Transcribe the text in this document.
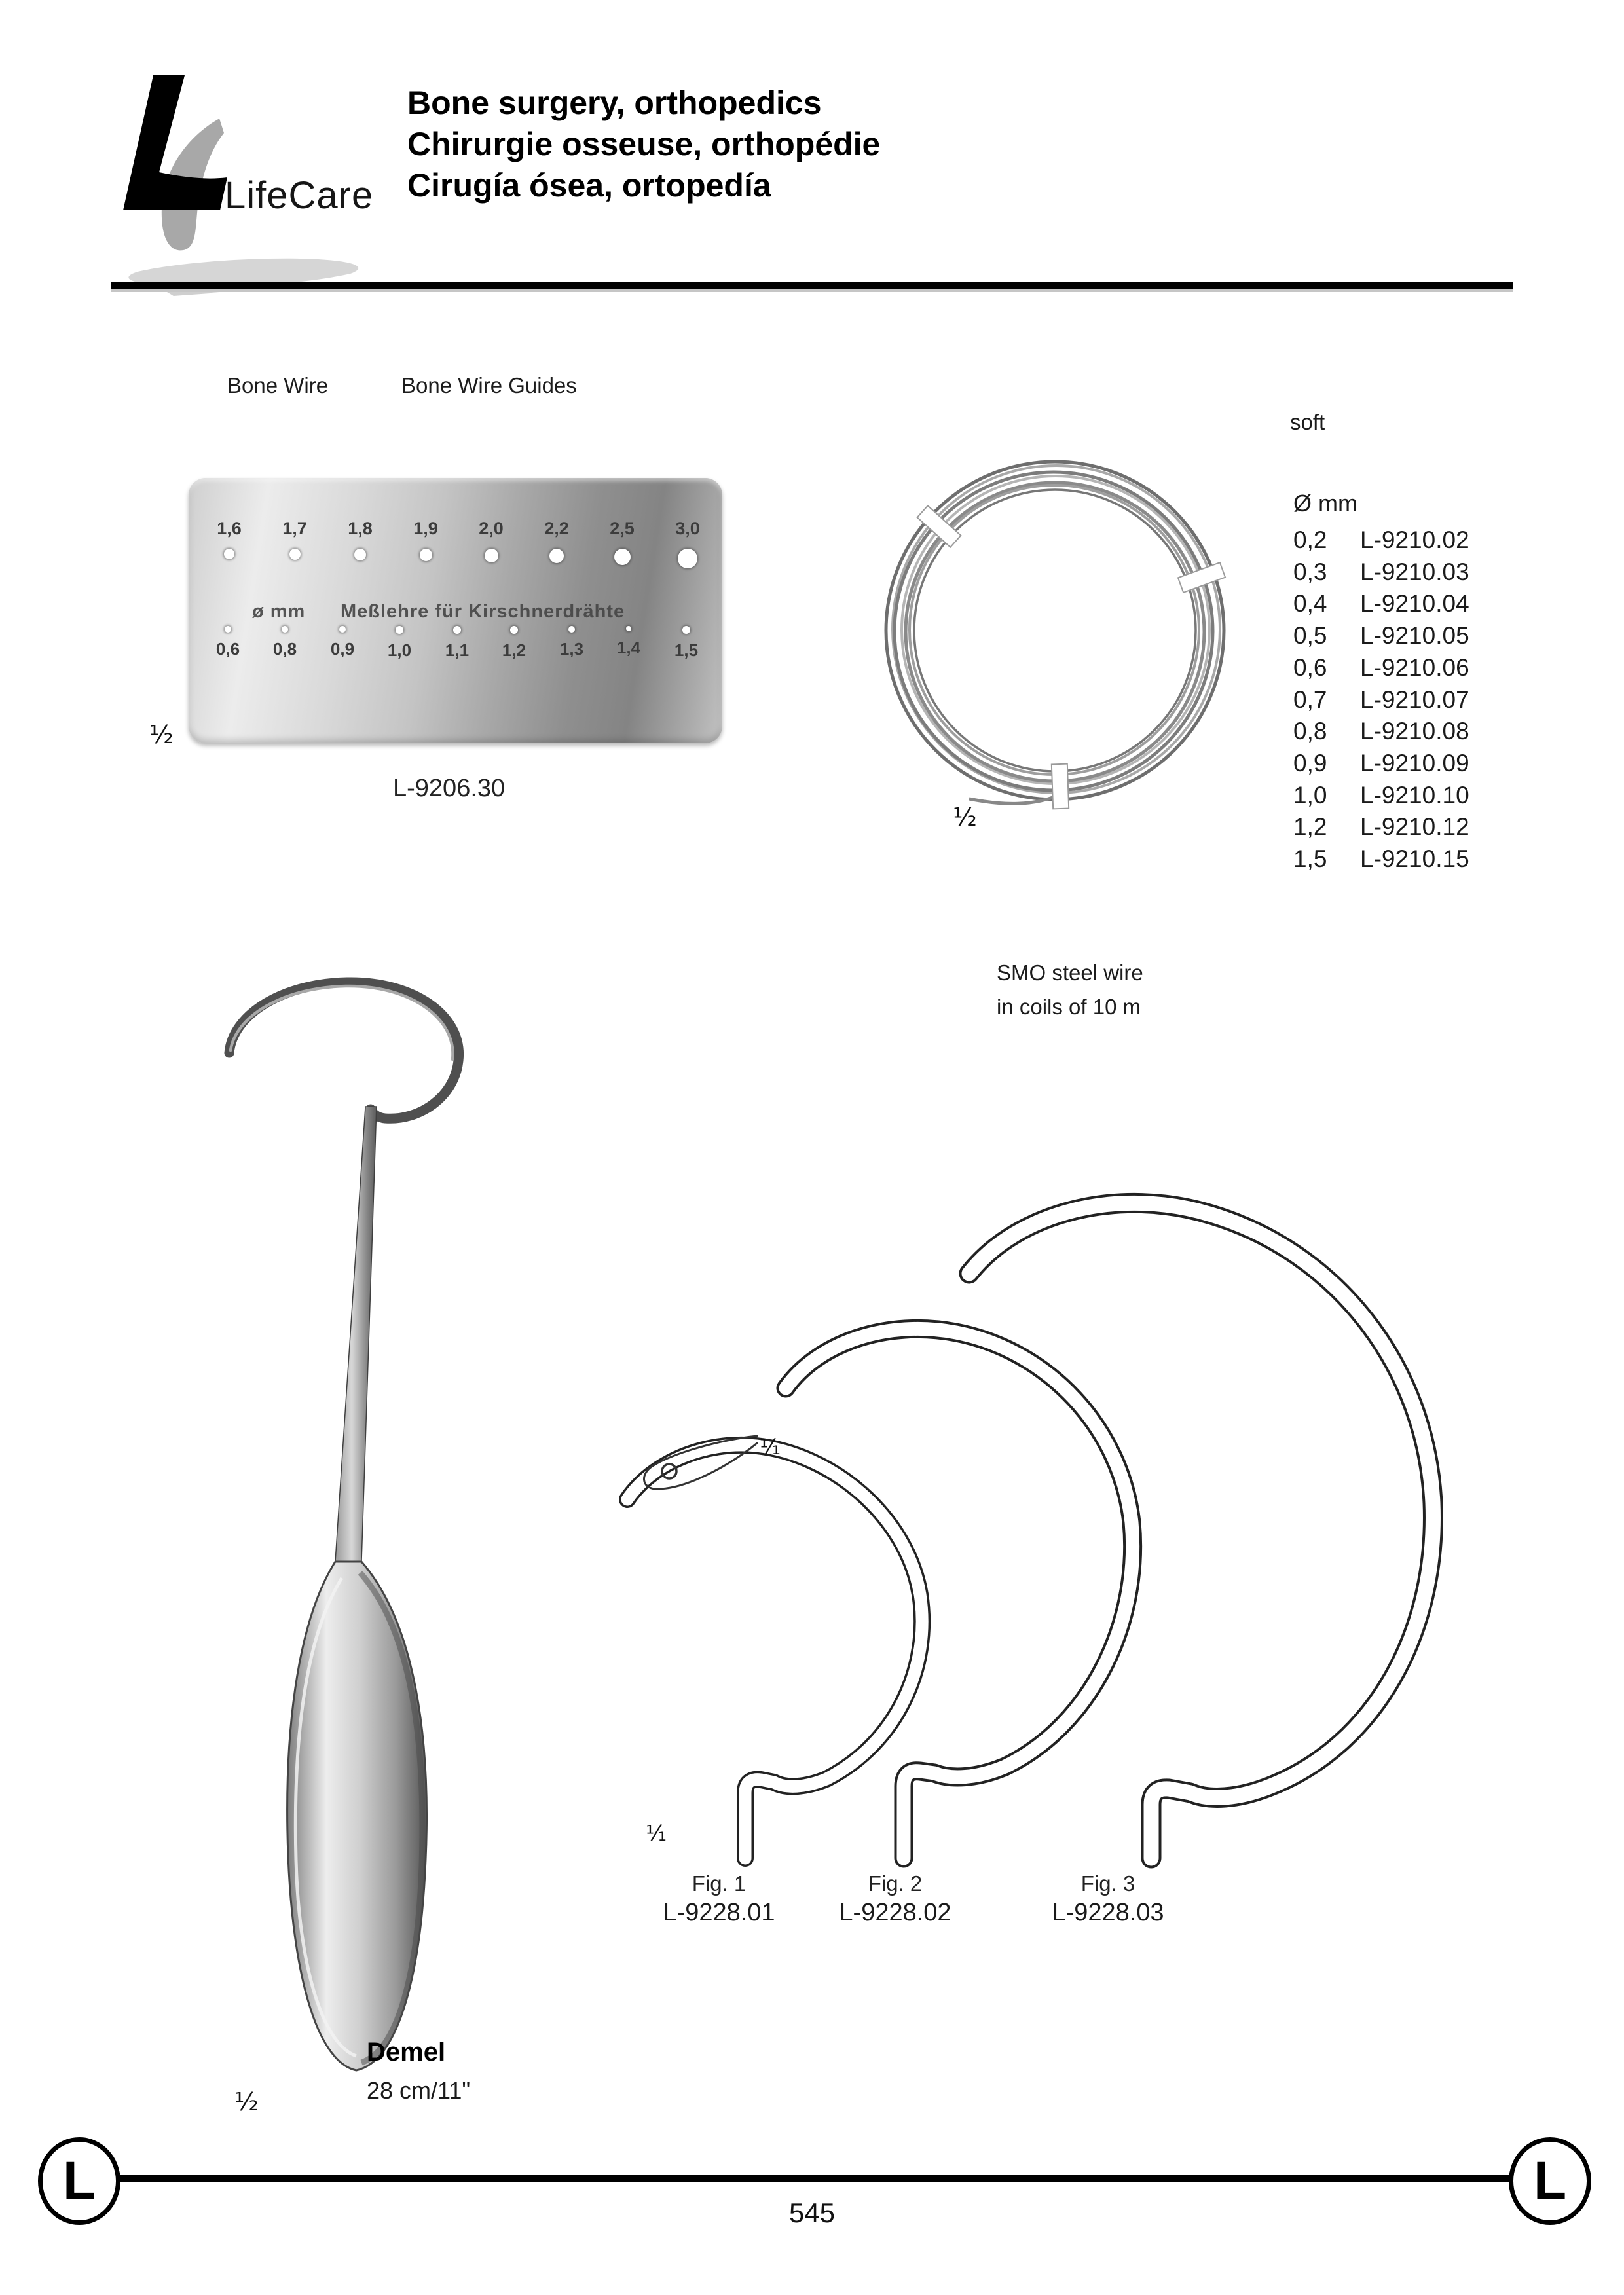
LifeCare
Bone surgery, orthopedics
Chirurgie osseuse, orthopédie
Cirugía ósea, ortopedía
Bone Wire	Bone Wire Guides
1,6	1,7	1,8	1,9	2,0	2,2	2,5	3,0
ø mm Meßlehre für Kirschnerdrähte
0,6	0,8	0,9	1,0	1,1	1,2	1,3	1,4	1,5
¹⁄₂
L-9206.30
¹⁄₂
soft
Ø mm
0,2	L-9210.02
0,3	L-9210.03
0,4	L-9210.04
0,5	L-9210.05
0,6	L-9210.06
0,7	L-9210.07
0,8	L-9210.08
0,9	L-9210.09
1,0	L-9210.10
1,2	L-9210.12
1,5	L-9210.15
SMO steel wire
in coils of 10 m
¹⁄₂
Demel
28 cm/11"
¹⁄₁
¹⁄₁
Fig. 1
L-9228.01
Fig. 2
L-9228.02
Fig. 3
L-9228.03
L	L
545
